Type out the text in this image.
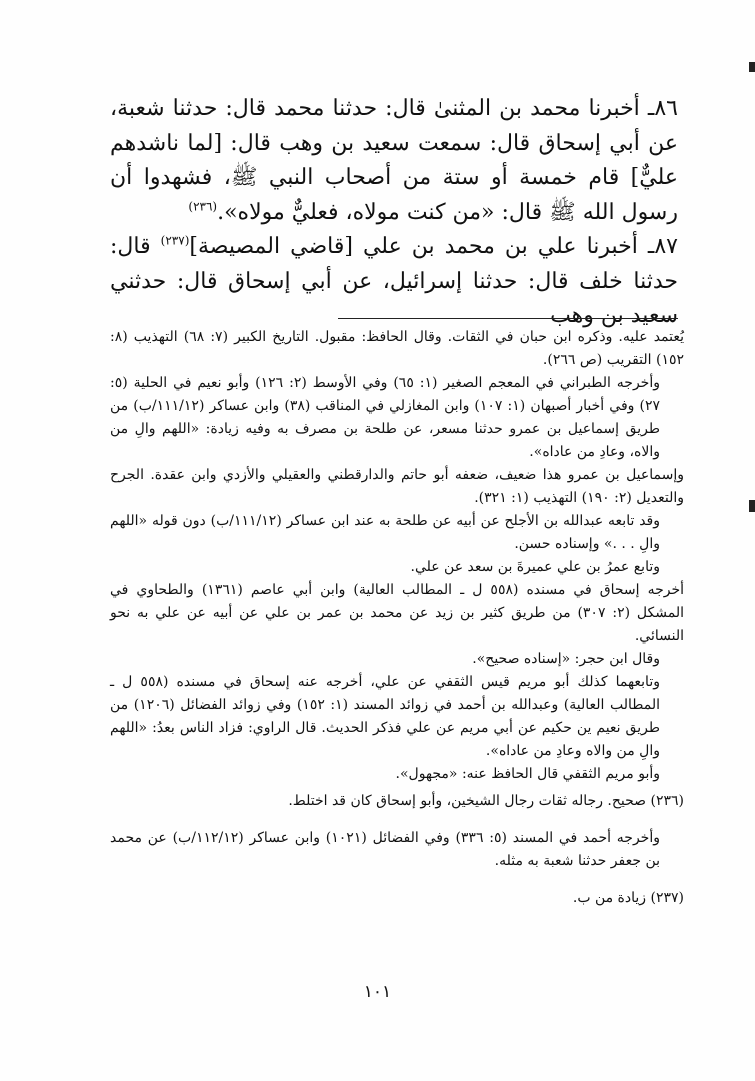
٨٦ـ أخبرنا محمد بن المثنىٰ قال: حدثنا محمد قال: حدثنا شعبة، عن أبي إسحاق قال: سمعت سعيد بن وهب قال: [لما ناشدهم عليٌّ] قام خمسة أو ستة من أصحاب النبي ﷺ، فشهدوا أن رسول الله ﷺ قال: «من كنت مولاه، فعليٌّ مولاه».$^{(٢٣٦)}$

٨٧ـ أخبرنا علي بن محمد بن علي [قاضي المصيصة]$^{(٢٣٧)}$ قال: حدثنا خلف قال: حدثنا إسرائيل، عن أبي إسحاق قال: حدثني سعيد بن وهب

يُعتمد عليه. وذكره ابن حبان في الثقات. وقال الحافظ: مقبول. التاريخ الكبير (٧: ٦٨) التهذيب (٨: ١٥٢) التقريب (ص ٢٦٦).

وأخرجه الطبراني في المعجم الصغير (١: ٦٥) وفي الأوسط (٢: ١٢٦) وأبو نعيم في الحلية (٥: ٢٧) وفي أخبار أصبهان (١: ١٠٧) وابن المغازلي في المناقب (٣٨) وابن عساكر (١١١/١٢/ب) من طريق إسماعيل بن عمرو حدثنا مسعر، عن طلحة بن مصرف به وفيه زيادة: «اللهم والِ من والاه، وعادِ من عاداه».

وإسماعيل بن عمرو هذا ضعيف، ضعفه أبو حاتم والدارقطني والعقيلي والأزدي وابن عقدة. الجرح والتعديل (٢: ١٩٠) التهذيب (١: ٣٢١).

وقد تابعه عبدالله بن الأجلح عن أبيه عن طلحة به عند ابن عساكر (١١١/١٢/ب) دون قوله «اللهم والِ . . .» وإسناده حسن.

وتابع عمرُ بن علي عميرةَ بن سعد عن علي.

أخرجه إسحاق في مسنده (٥٥٨ ل ـ المطالب العالية) وابن أبي عاصم (١٣٦١) والطحاوي في المشكل (٢: ٣٠٧) من طريق كثير بن زيد عن محمد بن عمر بن علي عن أبيه عن علي به نحو النسائي.

وقال ابن حجر: «إسناده صحيح».

وتابعهما كذلك أبو مريم قيس الثقفي عن علي، أخرجه عنه إسحاق في مسنده (٥٥٨ ل ـ المطالب العالية) وعبدالله بن أحمد في زوائد المسند (١: ١٥٢) وفي زوائد الفضائل (١٢٠٦) من طريق نعيم ين حكيم عن أبي مريم عن علي فذكر الحديث. قال الراوي: فزاد الناس بعدُ: «اللهم والِ من والاه وعادِ من عاداه».

وأبو مريم الثقفي قال الحافظ عنه: «مجهول».

(٢٣٦) صحيح. رجاله ثقات رجال الشيخين، وأبو إسحاق كان قد اختلط.

وأخرجه أحمد في المسند (٥: ٣٣٦) وفي الفضائل (١٠٢١) وابن عساكر (١١٢/١٢/ب) عن محمد بن جعفر حدثنا شعبة به مثله.

(٢٣٧) زيادة من ب.

١٠١
